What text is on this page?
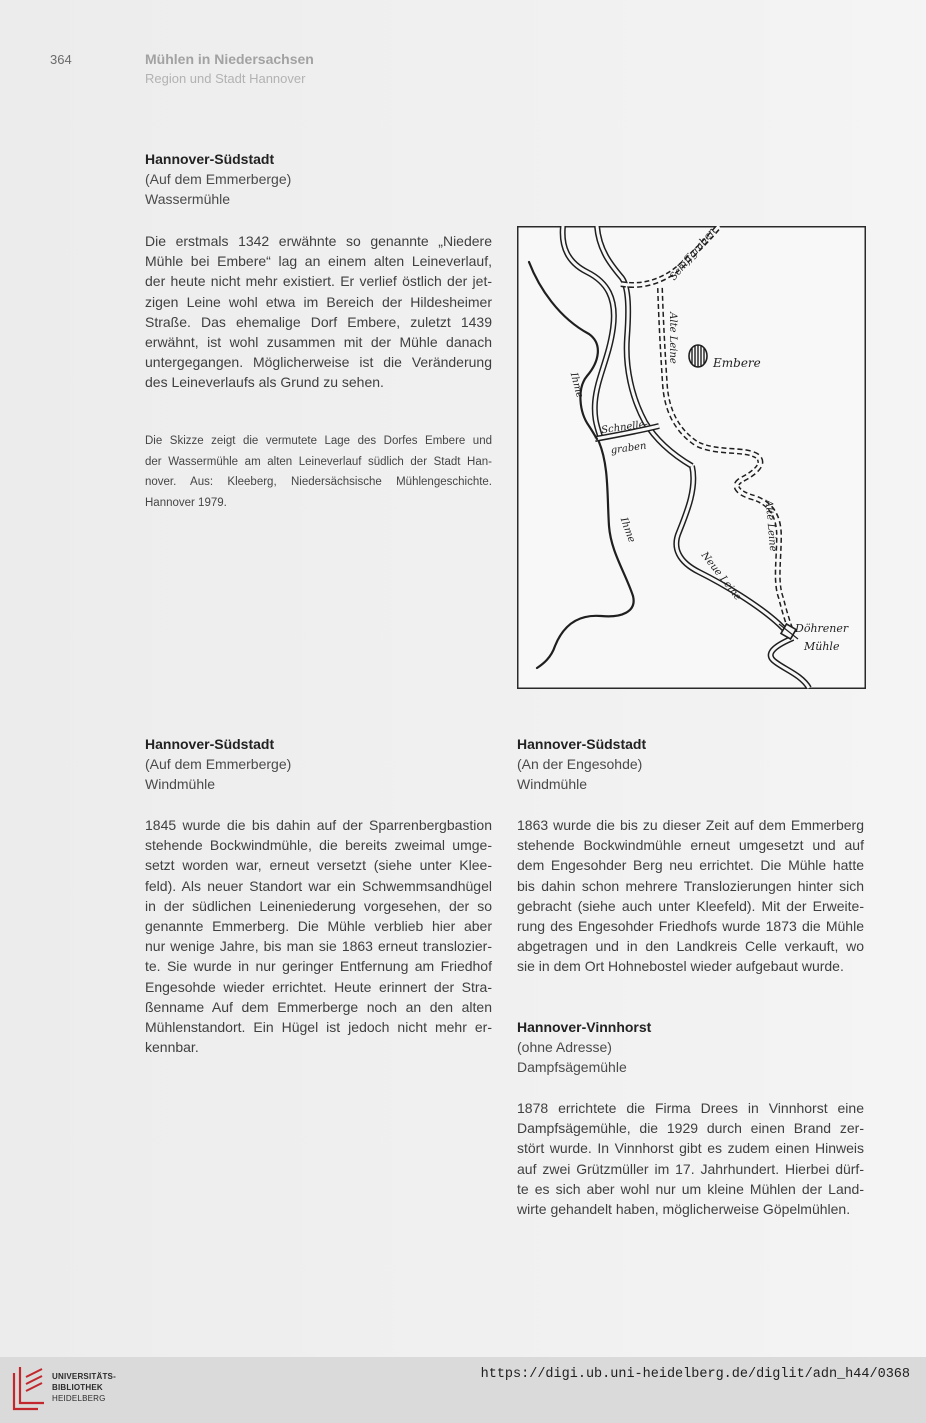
364	Mühlen in Niedersachsen
Region und Stadt Hannover
Hannover-Südstadt
(Auf dem Emmerberge)
Wassermühle
Die erstmals 1342 erwähnte so genannte „Niedere
Mühle bei Embere“ lag an einem alten Leineverlauf,
der heute nicht mehr existiert. Er verlief östlich der jet-
zigen Leine wohl etwa im Bereich der Hildesheimer
Straße. Das ehemalige Dorf Embere, zuletzt 1439
erwähnt, ist wohl zusammen mit der Mühle danach
untergegangen. Möglicherweise ist die Veränderung
des Leineverlaufs als Grund zu sehen.
Die Skizze zeigt die vermutete Lage des Dorfes Embere und
der Wassermühle am alten Leineverlauf südlich der Stadt Han-
nover. Aus: Kleeberg, Niedersächsische Mühlengeschichte.
Hannover 1979.
Schiffgraben
Alte Leine	Embere
Ihme
Schnelle-
graben
Ihme	Alte Leine
Neue Leine
Döhrener
Mühle
Hannover-Südstadt
(Auf dem Emmerberge)
Windmühle
1845 wurde die bis dahin auf der Sparrenbergbastion
stehende Bockwindmühle, die bereits zweimal umge-
setzt worden war, erneut versetzt (siehe unter Klee-
feld). Als neuer Standort war ein Schwemmsandhügel
in der südlichen Leineniederung vorgesehen, der so
genannte Emmerberg. Die Mühle verblieb hier aber
nur wenige Jahre, bis man sie 1863 erneut translozier-
te. Sie wurde in nur geringer Entfernung am Friedhof
Engesohde wieder errichtet. Heute erinnert der Stra-
ßenname Auf dem Emmerberge noch an den alten
Mühlenstandort. Ein Hügel ist jedoch nicht mehr er-
kennbar.
Hannover-Südstadt
(An der Engesohde)
Windmühle
1863 wurde die bis zu dieser Zeit auf dem Emmerberg
stehende Bockwindmühle erneut umgesetzt und auf
dem Engesohder Berg neu errichtet. Die Mühle hatte
bis dahin schon mehrere Translozierungen hinter sich
gebracht (siehe auch unter Kleefeld). Mit der Erweite-
rung des Engesohder Friedhofs wurde 1873 die Mühle
abgetragen und in den Landkreis Celle verkauft, wo
sie in dem Ort Hohnebostel wieder aufgebaut wurde.
Hannover-Vinnhorst
(ohne Adresse)
Dampfsägemühle
1878 errichtete die Firma Drees in Vinnhorst eine
Dampfsägemühle, die 1929 durch einen Brand zer-
stört wurde. In Vinnhorst gibt es zudem einen Hinweis
auf zwei Grützmüller im 17. Jahrhundert. Hierbei dürf-
te es sich aber wohl nur um kleine Mühlen der Land-
wirte gehandelt haben, möglicherweise Göpelmühlen.
UNIVERSITÄTS-
BIBLIOTHEK
HEIDELBERG
https://digi.ub.uni-heidelberg.de/diglit/adn_h44/0368
